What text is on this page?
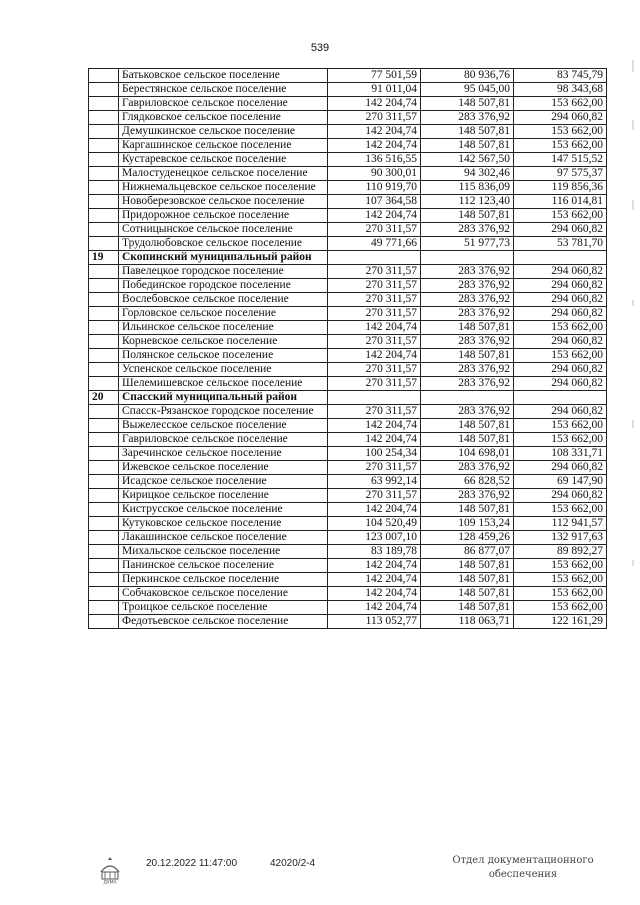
539
	Батьковское сельское поселение	77 501,59	80 936,76	83 745,79
	Берестянское сельское поселение	91 011,04	95 045,00	98 343,68
	Гавриловское сельское поселение	142 204,74	148 507,81	153 662,00
	Глядковское сельское поселение	270 311,57	283 376,92	294 060,82
	Демушкинское сельское поселение	142 204,74	148 507,81	153 662,00
	Каргашинское сельское поселение	142 204,74	148 507,81	153 662,00
	Кустаревское сельское поселение	136 516,55	142 567,50	147 515,52
	Малостуденецкое сельское поселение	90 300,01	94 302,46	97 575,37
	Нижнемальцевское сельское поселение	110 919,70	115 836,09	119 856,36
	Новоберезовское сельское поселение	107 364,58	112 123,40	116 014,81
	Придорожное сельское поселение	142 204,74	148 507,81	153 662,00
	Сотницынское сельское поселение	270 311,57	283 376,92	294 060,82
	Трудолюбовское сельское поселение	49 771,66	51 977,73	53 781,70
19	Скопинский муниципальный район			
	Павелецкое городское поселение	270 311,57	283 376,92	294 060,82
	Побединское городское поселение	270 311,57	283 376,92	294 060,82
	Вослебовское сельское поселение	270 311,57	283 376,92	294 060,82
	Горловское сельское поселение	270 311,57	283 376,92	294 060,82
	Ильинское сельское поселение	142 204,74	148 507,81	153 662,00
	Корневское сельское поселение	270 311,57	283 376,92	294 060,82
	Полянское сельское поселение	142 204,74	148 507,81	153 662,00
	Успенское сельское поселение	270 311,57	283 376,92	294 060,82
	Шелемишевское сельское поселение	270 311,57	283 376,92	294 060,82
20	Спасский муниципальный район			
	Спасск-Рязанское городское поселение	270 311,57	283 376,92	294 060,82
	Выжелесское сельское поселение	142 204,74	148 507,81	153 662,00
	Гавриловское сельское поселение	142 204,74	148 507,81	153 662,00
	Заречинское сельское поселение	100 254,34	104 698,01	108 331,71
	Ижевское сельское поселение	270 311,57	283 376,92	294 060,82
	Исадское сельское поселение	63 992,14	66 828,52	69 147,90
	Кирицкое сельское поселение	270 311,57	283 376,92	294 060,82
	Киструсское сельское поселение	142 204,74	148 507,81	153 662,00
	Кутуковское сельское поселение	104 520,49	109 153,24	112 941,57
	Лакашинское сельское поселение	123 007,10	128 459,26	132 917,63
	Михальское сельское поселение	83 189,78	86 877,07	89 892,27
	Панинское сельское поселение	142 204,74	148 507,81	153 662,00
	Перкинское сельское поселение	142 204,74	148 507,81	153 662,00
	Собчаковское сельское поселение	142 204,74	148 507,81	153 662,00
	Троицкое сельское поселение	142 204,74	148 507,81	153 662,00
	Федотьевское сельское поселение	113 052,77	118 063,71	122 161,29
ДУМА
20.12.2022 11:47:00	42020/2-4	Отдел документационного
обеспечения
